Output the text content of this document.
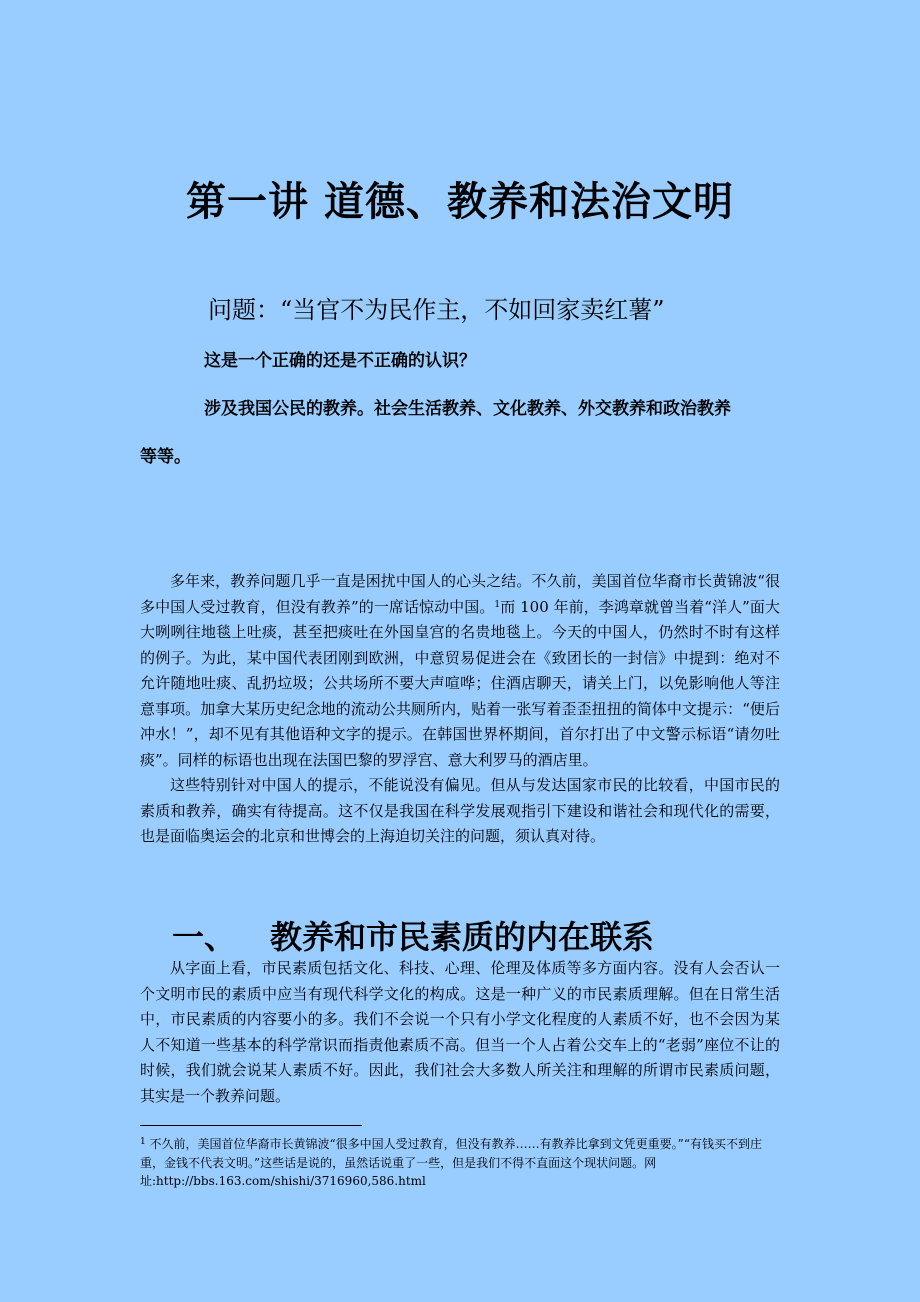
第一讲 道德、教养和法治文明
问题：“当官不为民作主，不如回家卖红薯”
这是一个正确的还是不正确的认识？
涉及我国公民的教养。社会生活教养、文化教养、外交教养和政治教养
等等。

多年来，教养问题几乎一直是困扰中国人的心头之结。不久前，美国首位华裔市长黄锦波“很多中国人受过教育，但没有教养”的一席话惊动中国。$^1$而 100 年前，李鸿章就曾当着“洋人”面大大咧咧往地毯上吐痰，甚至把痰吐在外国皇宫的名贵地毯上。今天的中国人，仍然时不时有这样的例子。为此，某中国代表团刚到欧洲，中意贸易促进会在《致团长的一封信》中提到：绝对不允许随地吐痰、乱扔垃圾；公共场所不要大声喧哗；住酒店聊天，请关上门，以免影响他人等注意事项。加拿大某历史纪念地的流动公共厕所内，贴着一张写着歪歪扭扭的简体中文提示：“便后冲水！”，却不见有其他语种文字的提示。在韩国世界杯期间，首尔打出了中文警示标语“请勿吐痰”。同样的标语也出现在法国巴黎的罗浮宫、意大利罗马的酒店里。

这些特别针对中国人的提示，不能说没有偏见。但从与发达国家市民的比较看，中国市民的素质和教养，确实有待提高。这不仅是我国在科学发展观指引下建设和谐社会和现代化的需要，也是面临奥运会的北京和世博会的上海迫切关注的问题，须认真对待。

一、 教养和市民素质的内在联系

从字面上看，市民素质包括文化、科技、心理、伦理及体质等多方面内容。没有人会否认一个文明市民的素质中应当有现代科学文化的构成。这是一种广义的市民素质理解。但在日常生活中，市民素质的内容要小的多。我们不会说一个只有小学文化程度的人素质不好，也不会因为某人不知道一些基本的科学常识而指责他素质不高。但当一个人占着公交车上的“老弱”座位不让的时候，我们就会说某人素质不好。因此，我们社会大多数人所关注和理解的所谓市民素质问题，其实是一个教养问题。

$^1$ 不久前，美国首位华裔市长黄锦波“很多中国人受过教育，但没有教养……有教养比拿到文凭更重要。”“有钱买不到庄重，金钱不代表文明。”这些话是说的，虽然话说重了一些，但是我们不得不直面这个现状问题。网址:http://bbs.163.com/shishi/3716960,586.html
